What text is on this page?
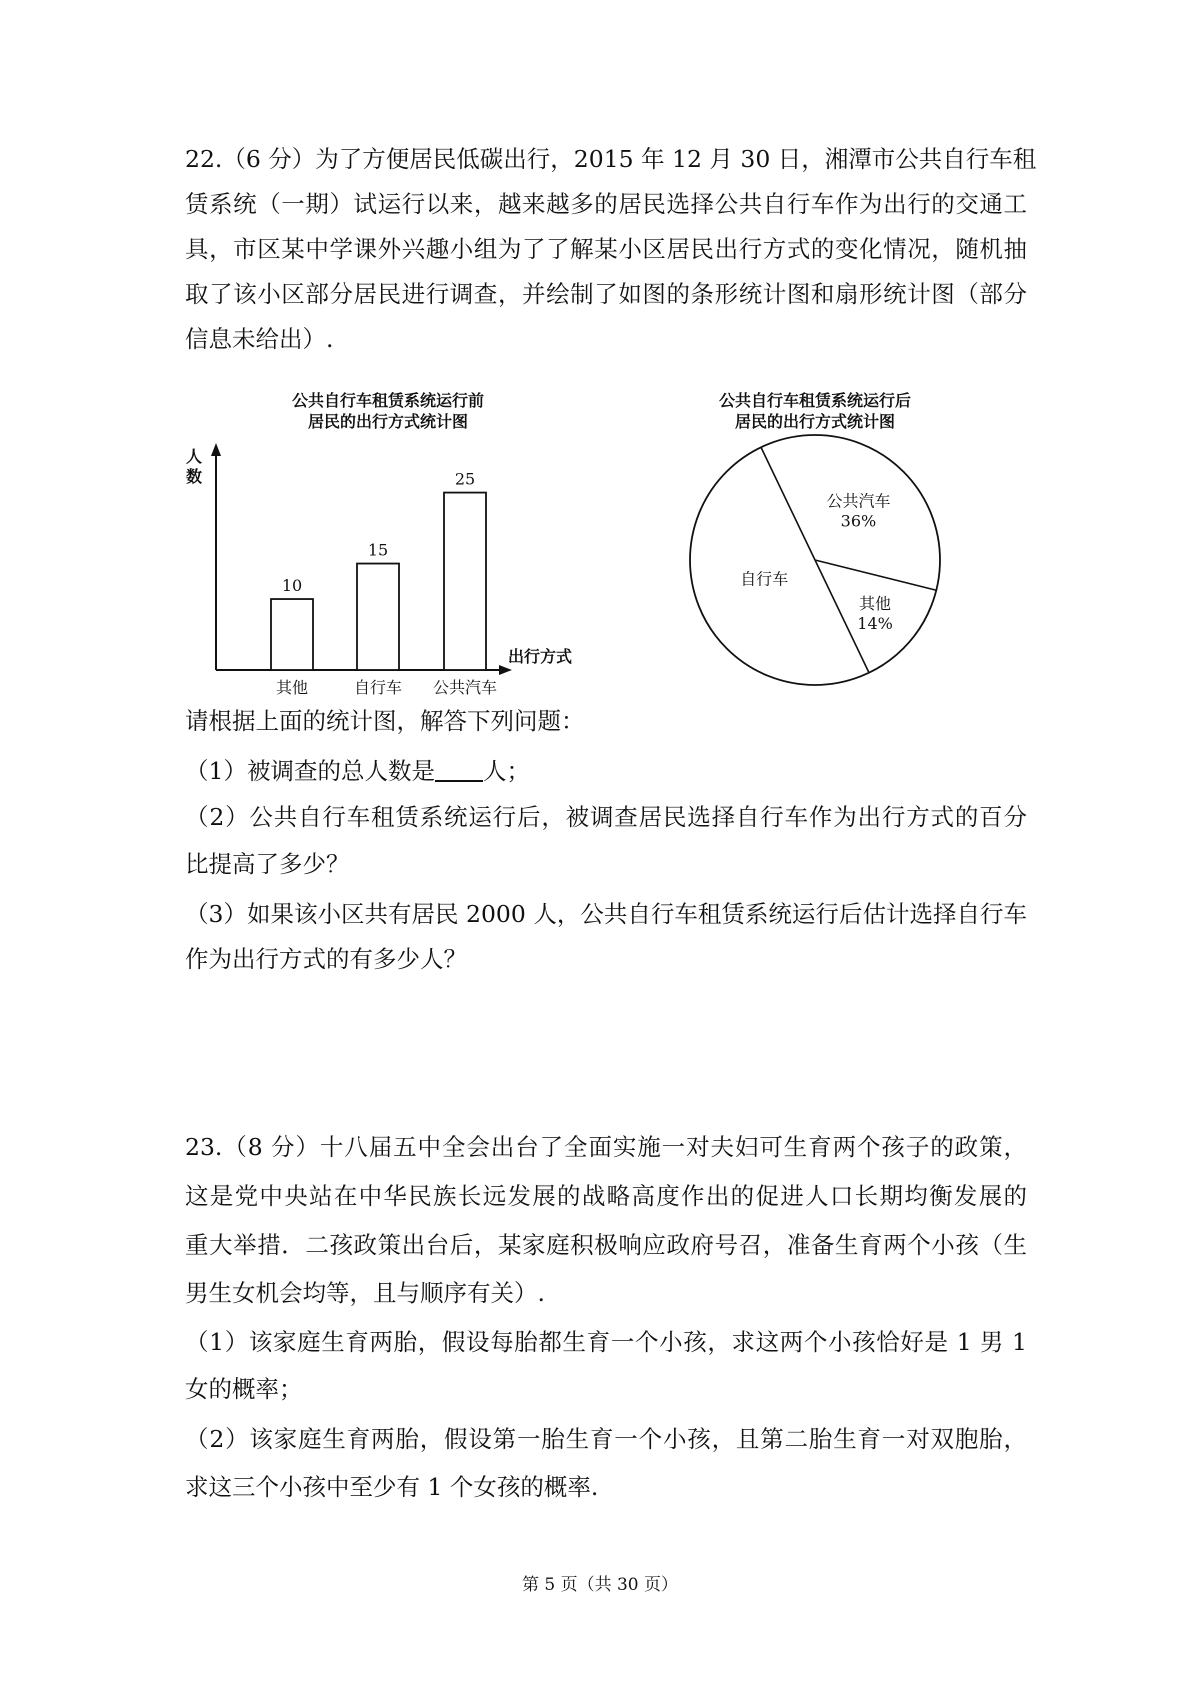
22.（6 分）为了方便居民低碳出行，2015 年 12 月 30 日，湘潭市公共自行车租
赁系统（一期）试运行以来，越来越多的居民选择公共自行车作为出行的交通工
具，市区某中学课外兴趣小组为了了解某小区居民出行方式的变化情况，随机抽
取了该小区部分居民进行调查，并绘制了如图的条形统计图和扇形统计图（部分
信息未给出）.
公共自行车租赁系统运行前
居民的出行方式统计图
人
数
出行方式
10
其他
15
自行车
25
公共汽车
公共自行车租赁系统运行后
居民的出行方式统计图
公共汽车
36%
其他
14%
自行车
请根据上面的统计图，解答下列问题：
（1）被调查的总人数是 人；
（2）公共自行车租赁系统运行后，被调查居民选择自行车作为出行方式的百分
比提高了多少？
（3）如果该小区共有居民 2000 人，公共自行车租赁系统运行后估计选择自行车
作为出行方式的有多少人？
23.（8 分）十八届五中全会出台了全面实施一对夫妇可生育两个孩子的政策，
这是党中央站在中华民族长远发展的战略高度作出的促进人口长期均衡发展的
重大举措．二孩政策出台后，某家庭积极响应政府号召，准备生育两个小孩（生
男生女机会均等，且与顺序有关）.
（1）该家庭生育两胎，假设每胎都生育一个小孩，求这两个小孩恰好是 1 男 1
女的概率；
（2）该家庭生育两胎，假设第一胎生育一个小孩，且第二胎生育一对双胞胎，
求这三个小孩中至少有 1 个女孩的概率.
第 5 页（共 30 页）
